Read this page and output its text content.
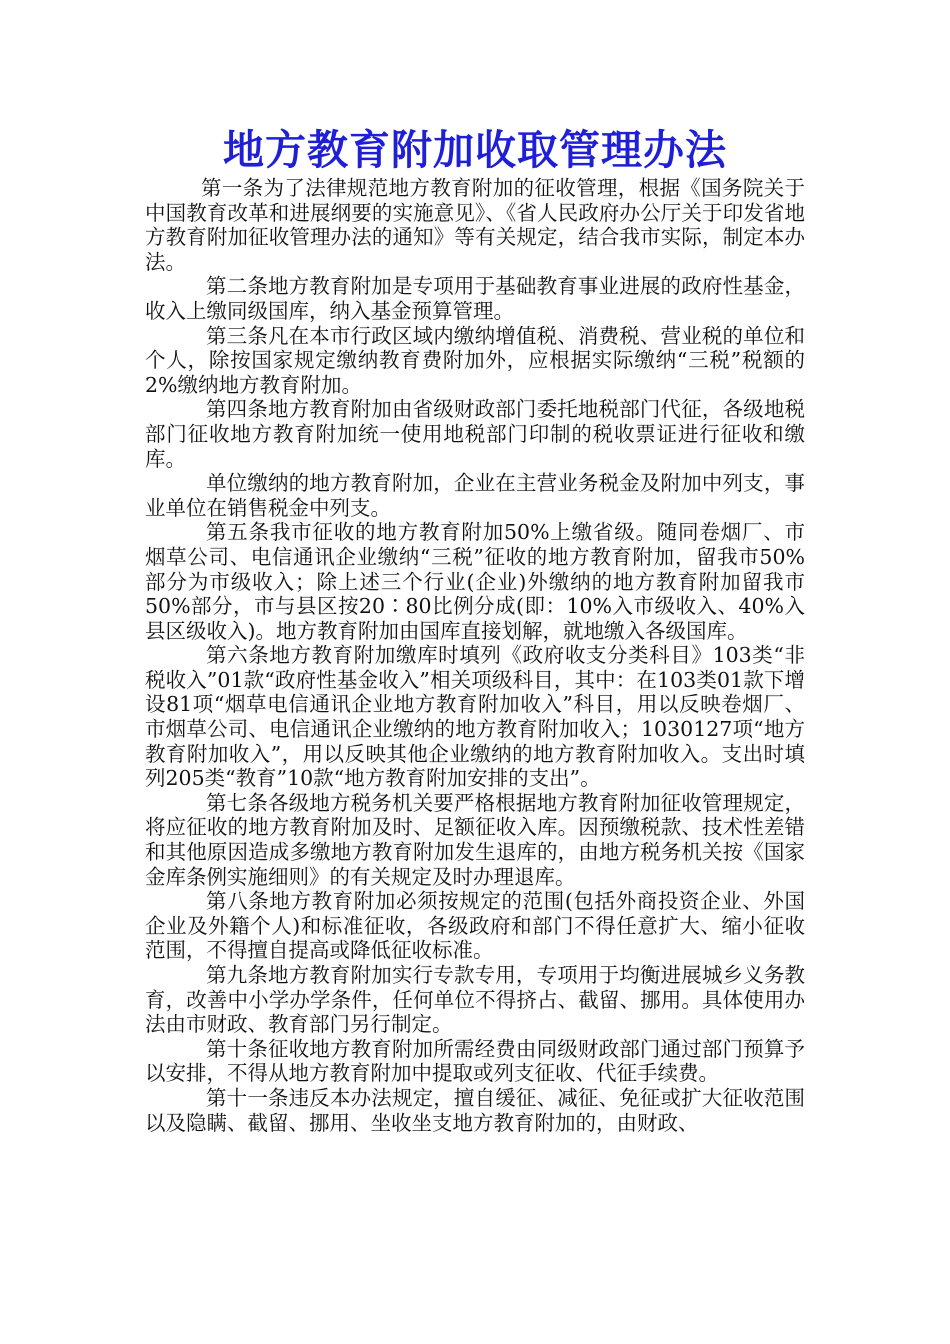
地方教育附加收取管理办法

第一条为了法律规范地方教育附加的征收管理，根据《国务院关于中国教育改革和进展纲要的实施意见》、《省人民政府办公厅关于印发省地方教育附加征收管理办法的通知》等有关规定，结合我市实际，制定本办法。

第二条地方教育附加是专项用于基础教育事业进展的政府性基金，收入上缴同级国库，纳入基金预算管理。

第三条凡在本市行政区域内缴纳增值税、消费税、营业税的单位和个人，除按国家规定缴纳教育费附加外，应根据实际缴纳“三税”税额的2%缴纳地方教育附加。

第四条地方教育附加由省级财政部门委托地税部门代征，各级地税部门征收地方教育附加统一使用地税部门印制的税收票证进行征收和缴库。

单位缴纳的地方教育附加，企业在主营业务税金及附加中列支，事业单位在销售税金中列支。

第五条我市征收的地方教育附加50%上缴省级。随同卷烟厂、市烟草公司、电信通讯企业缴纳“三税”征收的地方教育附加，留我市50%部分为市级收入；除上述三个行业(企业)外缴纳的地方教育附加留我市50%部分，市与县区按20∶80比例分成(即：10%入市级收入、40%入县区级收入)。地方教育附加由国库直接划解，就地缴入各级国库。

第六条地方教育附加缴库时填列《政府收支分类科目》103类“非税收入”01款“政府性基金收入”相关项级科目，其中：在103类01款下增设81项“烟草电信通讯企业地方教育附加收入”科目，用以反映卷烟厂、市烟草公司、电信通讯企业缴纳的地方教育附加收入；1030127项“地方教育附加收入”，用以反映其他企业缴纳的地方教育附加收入。支出时填列205类“教育”10款“地方教育附加安排的支出”。

第七条各级地方税务机关要严格根据地方教育附加征收管理规定，将应征收的地方教育附加及时、足额征收入库。因预缴税款、技术性差错和其他原因造成多缴地方教育附加发生退库的，由地方税务机关按《国家金库条例实施细则》的有关规定及时办理退库。

第八条地方教育附加必须按规定的范围(包括外商投资企业、外国企业及外籍个人)和标准征收，各级政府和部门不得任意扩大、缩小征收范围，不得擅自提高或降低征收标准。

第九条地方教育附加实行专款专用，专项用于均衡进展城乡义务教育，改善中小学办学条件，任何单位不得挤占、截留、挪用。具体使用办法由市财政、教育部门另行制定。

第十条征收地方教育附加所需经费由同级财政部门通过部门预算予以安排，不得从地方教育附加中提取或列支征收、代征手续费。

第十一条违反本办法规定，擅自缓征、减征、免征或扩大征收范围以及隐瞒、截留、挪用、坐收坐支地方教育附加的，由财政、
